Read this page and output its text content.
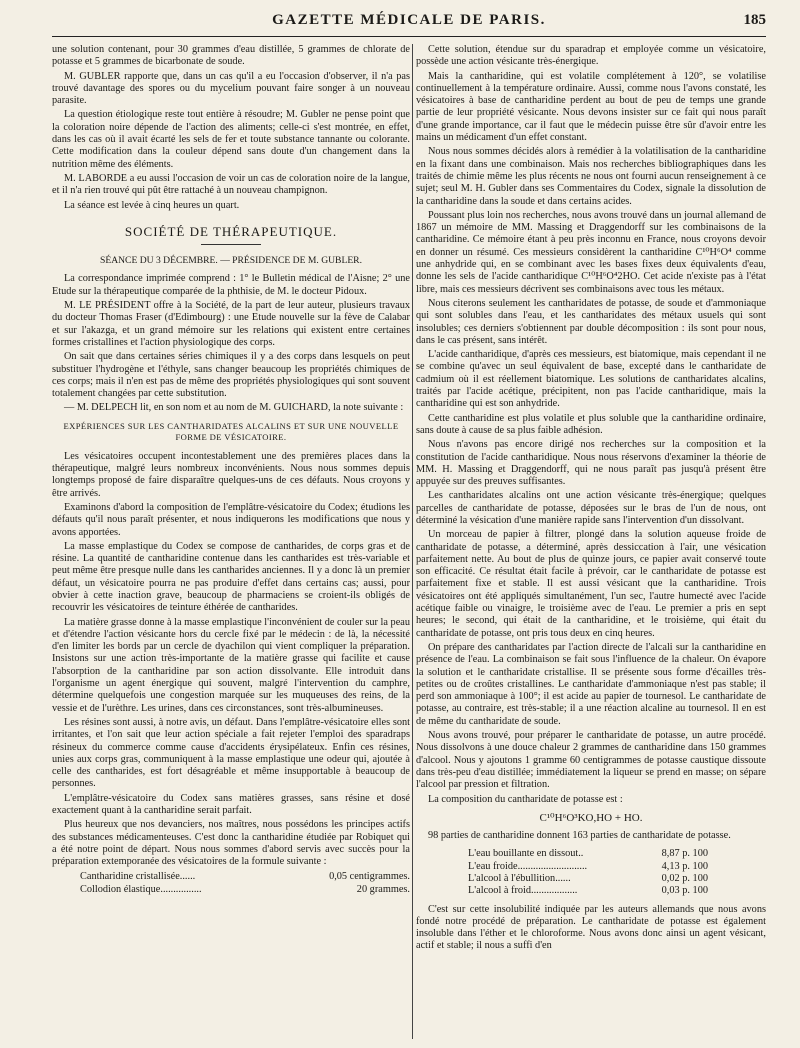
GAZETTE MÉDICALE DE PARIS.	185

une solution contenant, pour 30 grammes d'eau distillée, 5 grammes de chlorate de potasse et 5 grammes de bicarbonate de soude.

M. GUBLER rapporte que, dans un cas qu'il a eu l'occasion d'observer, il n'a pas trouvé davantage des spores ou du mycelium pouvant faire songer à un nouveau parasite.

La question étiologique reste tout entière à résoudre; M. Gubler ne pense point que la coloration noire dépende de l'action des aliments; celle-ci s'est montrée, en effet, dans les cas où il avait écarté les sels de fer et toute substance tannante ou colorante. Cette modification dans la couleur dépend sans doute d'un changement dans la nutrition même des éléments.

M. LABORDE a eu aussi l'occasion de voir un cas de coloration noire de la langue, et il n'a rien trouvé qui pût être rattaché à un nouveau champignon.

La séance est levée à cinq heures un quart.

SOCIÉTÉ DE THÉRAPEUTIQUE.
SÉANCE DU 3 DÉCEMBRE. — PRÉSIDENCE DE M. GUBLER.

La correspondance imprimée comprend : 1° le Bulletin médical de l'Aisne; 2° une Etude sur la thérapeutique comparée de la phthisie, de M. le docteur Pidoux.

M. LE PRÉSIDENT offre à la Société, de la part de leur auteur, plusieurs travaux du docteur Thomas Fraser (d'Edimbourg) : une Etude nouvelle sur la fève de Calabar et sur l'akazga, et un grand mémoire sur les relations qui existent entre certaines formes cristallines et l'action physiologique des corps.

On sait que dans certaines séries chimiques il y a des corps dans lesquels on peut substituer l'hydrogène et l'éthyle, sans changer beaucoup les propriétés chimiques de ces corps; mais il n'en est pas de même des propriétés physiologiques qui sont souvent totalement changées par cette substitution.

— M. DELPECH lit, en son nom et au nom de M. GUICHARD, la note suivante :

EXPÉRIENCES SUR LES CANTHARIDATES ALCALINS ET SUR UNE NOUVELLE FORME DE VÉSICATOIRE.

Les vésicatoires occupent incontestablement une des premières places dans la thérapeutique, malgré leurs nombreux inconvénients. Nous nous sommes depuis longtemps proposé de faire disparaître quelques-uns de ces défauts. Nous croyons y être arrivés.

Examinons d'abord la composition de l'emplâtre-vésicatoire du Codex; étudions les défauts qu'il nous paraît présenter, et nous indiquerons les modifications que nous y avons apportées.

La masse emplastique du Codex se compose de cantharides, de corps gras et de résine. La quantité de cantharidine contenue dans les cantharides est très-variable et peut même être presque nulle dans les cantharides anciennes. Il y a donc là un premier défaut, un vésicatoire pourra ne pas produire d'effet dans certains cas; aussi, pour obvier à cette inaction grave, beaucoup de pharmaciens se croient-ils obligés de recouvrir les vésicatoires de teinture éthérée de cantharides.

La matière grasse donne à la masse emplastique l'inconvénient de couler sur la peau et d'étendre l'action vésicante hors du cercle fixé par le médecin : de là, la nécessité d'en limiter les bords par un cercle de dyachilon qui vient compliquer la préparation. Insistons sur une action très-importante de la matière grasse qui facilite et cause l'absorption de la cantharidine par son action dissolvante. Elle introduit dans l'organisme un agent énergique qui souvent, malgré l'intervention du camphre, détermine quelquefois une congestion marquée sur les muqueuses des reins, de la vessie et de l'urèthre. Les urines, dans ces circonstances, sont très-albumineuses.

Les résines sont aussi, à notre avis, un défaut. Dans l'emplâtre-vésicatoire elles sont irritantes, et l'on sait que leur action spéciale a fait rejeter l'emploi des sparadraps résineux du commerce comme cause d'accidents érysipélateux. Enfin ces résines, unies aux corps gras, communiquent à la masse emplastique une odeur qui, ajoutée à celle des cantharides, est fort désagréable et même insupportable à beaucoup de personnes.

L'emplâtre-vésicatoire du Codex sans matières grasses, sans résine et dosé exactement quant à la cantharidine serait parfait.

Plus heureux que nos devanciers, nos maîtres, nous possédons les principes actifs des substances médicamenteuses. C'est donc la cantharidine étudiée par Robiquet qui a été notre point de départ. Nous nous sommes d'abord servis avec succès pour la préparation extemporanée des vésicatoires de la formule suivante :

Cantharidine cristallisée......	0,05 centigrammes.
Collodion élastique................	20 grammes.

Cette solution, étendue sur du sparadrap et employée comme un vésicatoire, possède une action vésicante très-énergique.

Mais la cantharidine, qui est volatile complétement à 120°, se volatilise continuellement à la température ordinaire. Aussi, comme nous l'avons constaté, les vésicatoires à base de cantharidine perdent au bout de peu de temps une grande partie de leur propriété vésicante. Nous devons insister sur ce fait qui nous paraît d'une grande importance, car il faut que le médecin puisse être sûr d'avoir entre les mains un médicament d'un effet constant.

Nous nous sommes décidés alors à remédier à la volatilisation de la cantharidine en la fixant dans une combinaison. Mais nos recherches bibliographiques dans les traités de chimie même les plus récents ne nous ont fourni aucun renseignement à ce sujet; seul M. H. Gubler dans ses Commentaires du Codex, signale la dissolution de la cantharidine dans la soude et dans certains acides.

Poussant plus loin nos recherches, nous avons trouvé dans un journal allemand de 1867 un mémoire de MM. Massing et Draggendorff sur les combinaisons de la cantharidine. Ce mémoire étant à peu près inconnu en France, nous croyons devoir en donner un résumé. Ces messieurs considèrent la cantharidine C¹⁰H⁶O⁴ comme une anhydride qui, en se combinant avec les bases fixes deux équivalents d'eau, donne les sels de l'acide cantharidique C¹⁰H⁶O⁴2HO. Cet acide n'existe pas à l'état libre, mais ces messieurs décrivent ses combinaisons avec tous les métaux.

Nous citerons seulement les cantharidates de potasse, de soude et d'ammoniaque qui sont solubles dans l'eau, et les cantharidates des métaux usuels qui sont insolubles; ces derniers s'obtiennent par double décomposition : ils sont pour nous, dans le cas présent, sans intérêt.

L'acide cantharidique, d'après ces messieurs, est biatomique, mais cependant il ne se combine qu'avec un seul équivalent de base, excepté dans le cantharidate de cadmium où il est réellement biatomique. Les solutions de cantharidates alcalins, traités par l'acide acétique, précipitent, non pas l'acide cantharidique, mais la cantharidine qui est son anhydride.

Cette cantharidine est plus volatile et plus soluble que la cantharidine ordinaire, sans doute à cause de sa plus faible adhésion.

Nous n'avons pas encore dirigé nos recherches sur la composition et la constitution de l'acide cantharidique. Nous nous réservons d'examiner la théorie de MM. H. Massing et Draggendorff, qui ne nous paraît pas jusqu'à présent être appuyée sur des preuves suffisantes.

Les cantharidates alcalins ont une action vésicante très-énergique; quelques parcelles de cantharidate de potasse, déposées sur le bras de l'un de nous, ont déterminé la vésication d'une manière rapide sans l'intervention d'un dissolvant.

Un morceau de papier à filtrer, plongé dans la solution aqueuse froide de cantharidate de potasse, a déterminé, après dessiccation à l'air, une vésication parfaitement nette. Au bout de plus de quinze jours, ce papier avait conservé toute son efficacité. Ce résultat était facile à prévoir, car le cantharidate de potasse est parfaitement fixe et stable. Il est aussi vésicant que la cantharidine. Trois vésicatoires ont été appliqués simultanément, l'un sec, l'autre humecté avec l'acide acétique faible ou vinaigre, le troisième avec de l'eau. Le premier a pris en sept heures; le second, qui était de la cantharidine, et le troisième, qui était du cantharidate de potasse, ont pris tous deux en cinq heures.

On prépare des cantharidates par l'action directe de l'alcali sur la cantharidine en présence de l'eau. La combinaison se fait sous l'influence de la chaleur. On évapore la solution et le cantharidate cristallise. Il se présente sous forme d'écailles très-petites ou de croûtes cristallines. Le cantharidate d'ammoniaque n'est pas stable; il perd son ammoniaque à 100°; il est acide au papier de tournesol. Le cantharidate de potasse, au contraire, est très-stable; il a une réaction alcaline au tournesol. Il en est de même du cantharidate de soude.

Nous avons trouvé, pour préparer le cantharidate de potasse, un autre procédé. Nous dissolvons à une douce chaleur 2 grammes de cantharidine dans 150 grammes d'alcool. Nous y ajoutons 1 gramme 60 centigrammes de potasse caustique dissoute dans très-peu d'eau distillée; immédiatement la liqueur se prend en masse; on sépare l'alcool par pression et filtration.

La composition du cantharidate de potasse est :

C¹⁰H⁶O³KO,HO + HO.

98 parties de cantharidine donnent 163 parties de cantharidate de potasse.

L'eau bouillante en dissout..	8,87 p. 100
L'eau froide...........................	4,13 p. 100
L'alcool à l'ébullition......	0,02 p. 100
L'alcool à froid..................	0,03 p. 100

C'est sur cette insolubilité indiquée par les auteurs allemands que nous avons fondé notre procédé de préparation. Le cantharidate de potasse est également insoluble dans l'éther et le chloroforme. Nous avons donc ainsi un agent vésicant, actif et stable; il nous a suffi d'en
